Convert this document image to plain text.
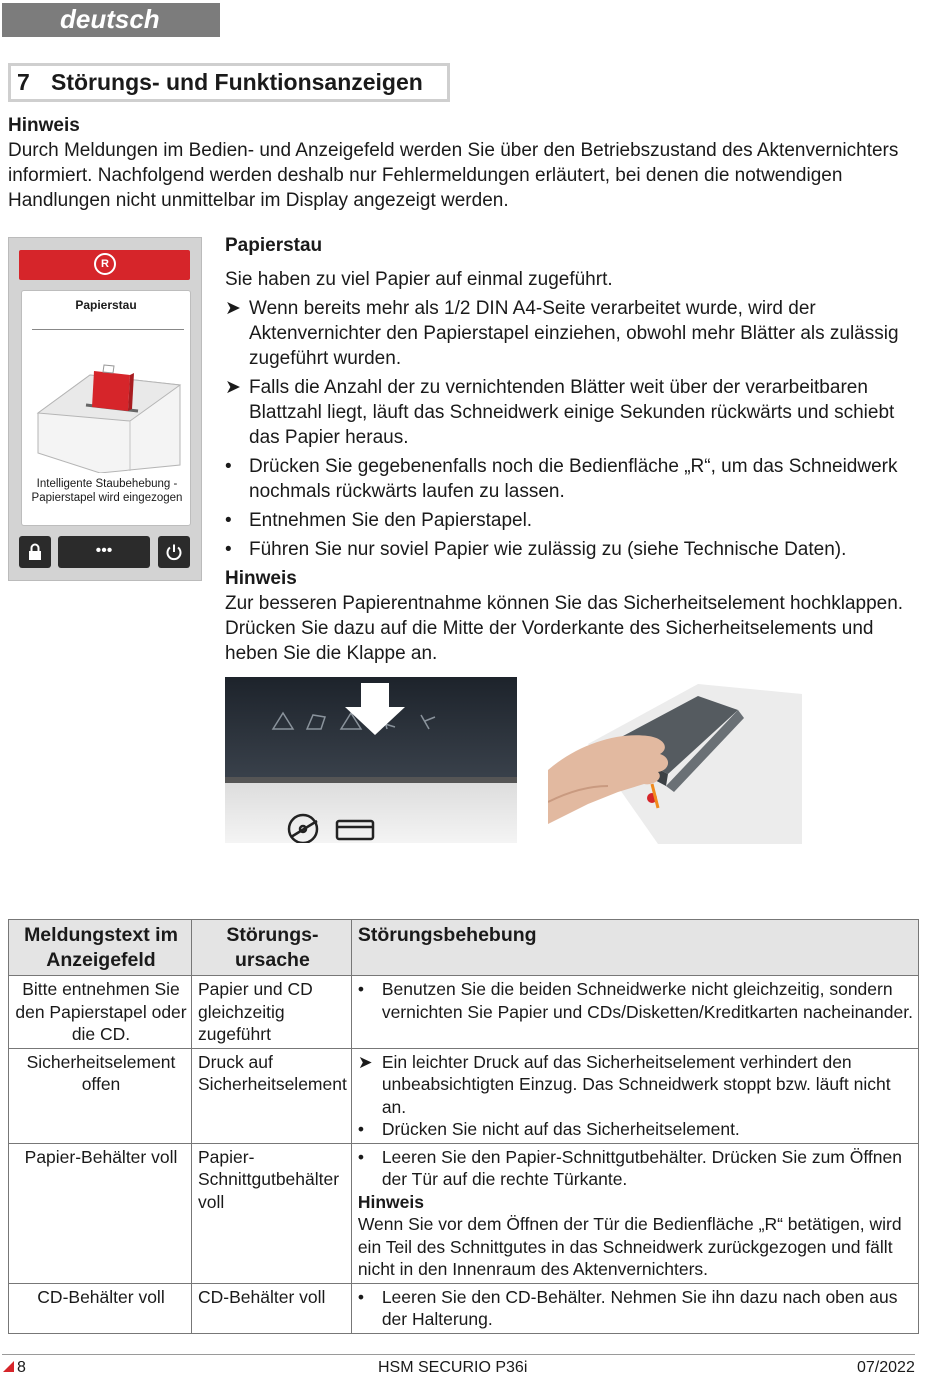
deutsch
7 Störungs- und Funktionsanzeigen
Hinweis
Durch Meldungen im Bedien- und Anzeigefeld werden Sie über den Betriebszustand des Aktenvernichters informiert. Nachfolgend werden deshalb nur Fehlermeldungen erläutert, bei denen die notwendigen Handlungen nicht unmittelbar im Display angezeigt werden.
R
Papierstau
Intelligente Staubehebung - Papierstapel wird eingezogen
•••
Papierstau
Sie haben zu viel Papier auf einmal zugeführt.
➤ Wenn bereits mehr als 1/2 DIN A4-Seite verarbeitet wurde, wird der Aktenvernichter den Papierstapel einziehen, obwohl mehr Blätter als zulässig zugeführt wurden.
➤ Falls die Anzahl der zu vernichtenden Blätter weit über der verarbeitbaren Blattzahl liegt, läuft das Schneidwerk einige Sekunden rückwärts und schiebt das Papier heraus.
• Drücken Sie gegebenenfalls noch die Bedienfläche „R“, um das Schneidwerk nochmals rückwärts laufen zu lassen.
• Entnehmen Sie den Papierstapel.
• Führen Sie nur soviel Papier wie zulässig zu (siehe Technische Daten).
Hinweis
Zur besseren Papierentnahme können Sie das Sicherheitselement hochklappen. Drücken Sie dazu auf die Mitte der Vorderkante des Sicherheitselements und heben Sie die Klappe an.
Meldungstext im Anzeigefeld	Störungs-ursache	Störungsbehebung
Bitte entnehmen Sie den Papierstapel oder die CD.	Papier und CD gleichzeitig zugeführt	• Benutzen Sie die beiden Schneidwerke nicht gleichzeitig, sondern vernichten Sie Papier und CDs/Disketten/Kreditkarten nacheinander.

Sicherheitselement offen	Druck auf Sicherheitselement	➤ Ein leichter Druck auf das Sicherheitselement verhindert den unbeabsichtigten Einzug. Das Schneidwerk stoppt bzw. läuft nicht an.
• Drücken Sie nicht auf das Sicherheitselement.

Papier-Behälter voll	Papier-Schnittgutbehälter voll	• Leeren Sie den Papier-Schnittgutbehälter. Drücken Sie zum Öffnen der Tür auf die rechte Türkante.
Hinweis
Wenn Sie vor dem Öffnen der Tür die Bedienfläche „R“ betätigen, wird ein Teil des Schnittgutes in das Schneidwerk zurückgezogen und fällt nicht in den Innenraum des Aktenvernichters.

CD-Behälter voll	CD-Behälter voll	• Leeren Sie den CD-Behälter. Nehmen Sie ihn dazu nach oben aus der Halterung.
8	HSM SECURIO P36i	07/2022
